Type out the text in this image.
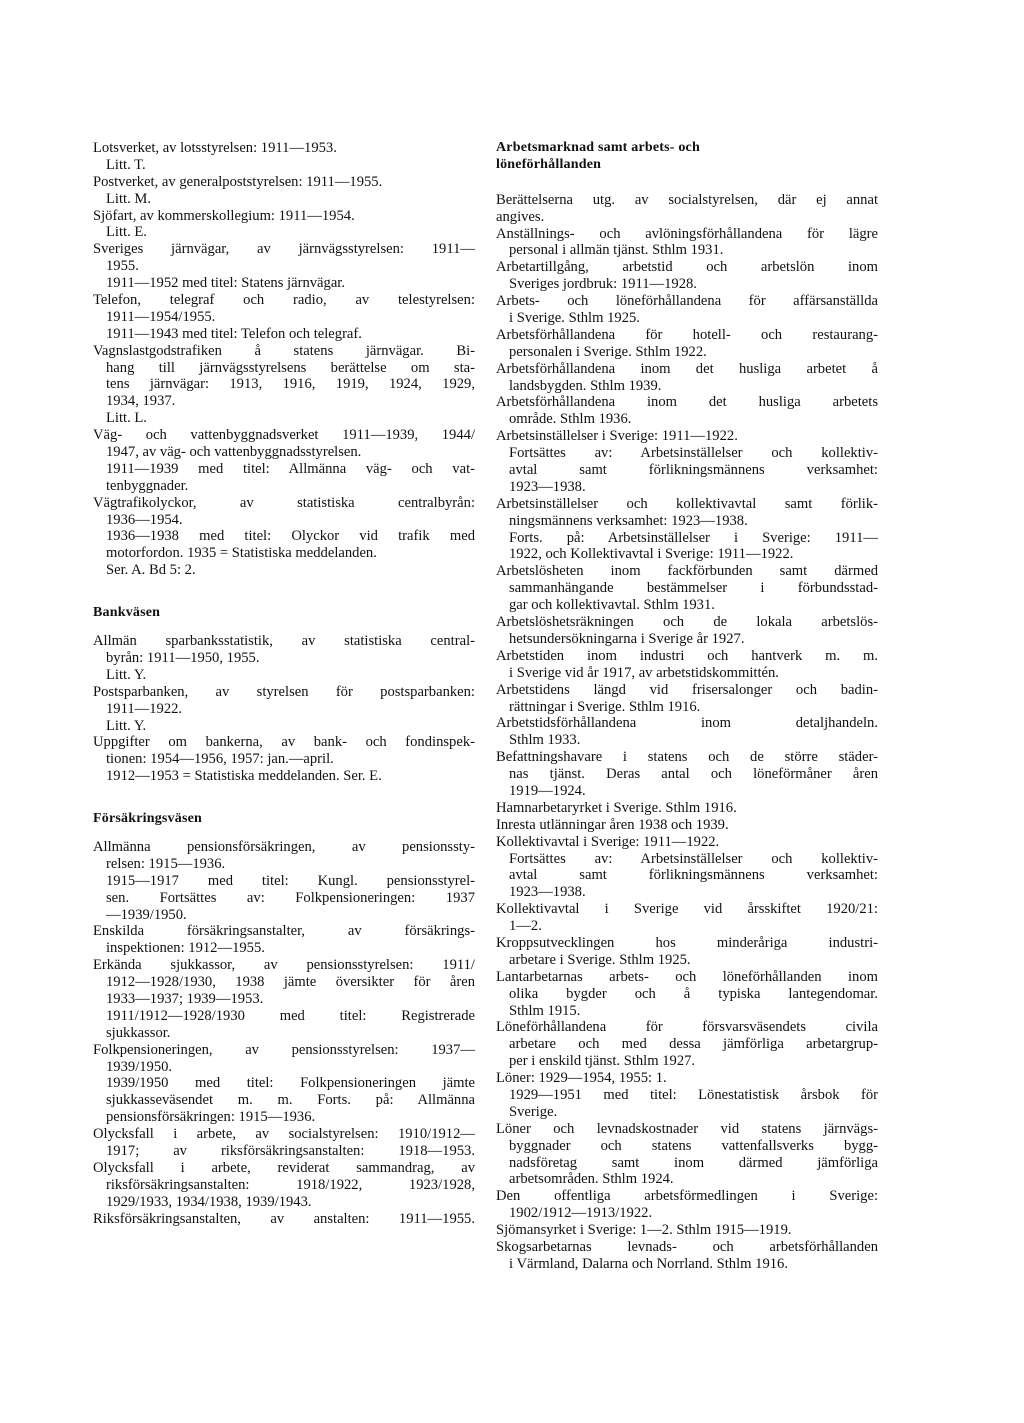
Lotsverket, av lotsstyrelsen: 1911—1953.
Litt. T.
Postverket, av generalpoststyrelsen: 1911—1955.
Litt. M.
Sjöfart, av kommerskollegium: 1911—1954.
Litt. E.
Sveriges järnvägar, av järnvägsstyrelsen: 1911—
1955.
1911—1952 med titel: Statens järnvägar.
Telefon, telegraf och radio, av telestyrelsen:
1911—1954/1955.
1911—1943 med titel: Telefon och telegraf.
Vagnslastgodstrafiken å statens järnvägar. Bi-
hang till järnvägsstyrelsens berättelse om sta-
tens järnvägar: 1913, 1916, 1919, 1924, 1929,
1934, 1937.
Litt. L.
Väg- och vattenbyggnadsverket 1911—1939, 1944/
1947, av väg- och vattenbyggnadsstyrelsen.
1911—1939 med titel: Allmänna väg- och vat-
tenbyggnader.
Vägtrafikolyckor, av statistiska centralbyrån:
1936—1954.
1936—1938 med titel: Olyckor vid trafik med
motorfordon. 1935 = Statistiska meddelanden.
Ser. A. Bd 5: 2.
Bankväsen
Allmän sparbanksstatistik, av statistiska central-
byrån: 1911—1950, 1955.
Litt. Y.
Postsparbanken, av styrelsen för postsparbanken:
1911—1922.
Litt. Y.
Uppgifter om bankerna, av bank- och fondinspek-
tionen: 1954—1956, 1957: jan.—april.
1912—1953 = Statistiska meddelanden. Ser. E.
Försäkringsväsen
Allmänna pensionsförsäkringen, av pensionssty-
relsen: 1915—1936.
1915—1917 med titel: Kungl. pensionsstyrel-
sen. Fortsättes av: Folkpensioneringen: 1937
—1939/1950.
Enskilda försäkringsanstalter, av försäkrings-
inspektionen: 1912—1955.
Erkända sjukkassor, av pensionsstyrelsen: 1911/
1912—1928/1930, 1938 jämte översikter för åren
1933—1937; 1939—1953.
1911/1912—1928/1930 med titel: Registrerade
sjukkassor.
Folkpensioneringen, av pensionsstyrelsen: 1937—
1939/1950.
1939/1950 med titel: Folkpensioneringen jämte
sjukkasseväsendet m. m. Forts. på: Allmänna
pensionsförsäkringen: 1915—1936.
Olycksfall i arbete, av socialstyrelsen: 1910/1912—
1917; av riksförsäkringsanstalten: 1918—1953.
Olycksfall i arbete, reviderat sammandrag, av
riksförsäkringsanstalten: 1918/1922, 1923/1928,
1929/1933, 1934/1938, 1939/1943.
Riksförsäkringsanstalten, av anstalten: 1911—1955.
Arbetsmarknad samt arbets- och
löneförhållanden
Berättelserna utg. av socialstyrelsen, där ej annat
angives.
Anställnings- och avlöningsförhållandena för lägre
personal i allmän tjänst. Sthlm 1931.
Arbetartillgång, arbetstid och arbetslön inom
Sveriges jordbruk: 1911—1928.
Arbets- och löneförhållandena för affärsanställda
i Sverige. Sthlm 1925.
Arbetsförhållandena för hotell- och restaurang-
personalen i Sverige. Sthlm 1922.
Arbetsförhållandena inom det husliga arbetet å
landsbygden. Sthlm 1939.
Arbetsförhållandena inom det husliga arbetets
område. Sthlm 1936.
Arbetsinställelser i Sverige: 1911—1922.
Fortsättes av: Arbetsinställelser och kollektiv-
avtal samt förlikningsmännens verksamhet:
1923—1938.
Arbetsinställelser och kollektivavtal samt förlik-
ningsmännens verksamhet: 1923—1938.
Forts. på: Arbetsinställelser i Sverige: 1911—
1922, och Kollektivavtal i Sverige: 1911—1922.
Arbetslösheten inom fackförbunden samt därmed
sammanhängande bestämmelser i förbundsstad-
gar och kollektivavtal. Sthlm 1931.
Arbetslöshetsräkningen och de lokala arbetslös-
hetsundersökningarna i Sverige år 1927.
Arbetstiden inom industri och hantverk m. m.
i Sverige vid år 1917, av arbetstidskommittén.
Arbetstidens längd vid frisersalonger och badin-
rättningar i Sverige. Sthlm 1916.
Arbetstidsförhållandena inom detaljhandeln.
Sthlm 1933.
Befattningshavare i statens och de större städer-
nas tjänst. Deras antal och löneförmåner åren
1919—1924.
Hamnarbetaryrket i Sverige. Sthlm 1916.
Inresta utlänningar åren 1938 och 1939.
Kollektivavtal i Sverige: 1911—1922.
Fortsättes av: Arbetsinställelser och kollektiv-
avtal samt förlikningsmännens verksamhet:
1923—1938.
Kollektivavtal i Sverige vid årsskiftet 1920/21:
1—2.
Kroppsutvecklingen hos minderåriga industri-
arbetare i Sverige. Sthlm 1925.
Lantarbetarnas arbets- och löneförhållanden inom
olika bygder och å typiska lantegendomar.
Sthlm 1915.
Löneförhållandena för försvarsväsendets civila
arbetare och med dessa jämförliga arbetargrup-
per i enskild tjänst. Sthlm 1927.
Löner: 1929—1954, 1955: 1.
1929—1951 med titel: Lönestatistisk årsbok för
Sverige.
Löner och levnadskostnader vid statens järnvägs-
byggnader och statens vattenfallsverks bygg-
nadsföretag samt inom därmed jämförliga
arbetsområden. Sthlm 1924.
Den offentliga arbetsförmedlingen i Sverige:
1902/1912—1913/1922.
Sjömansyrket i Sverige: 1—2. Sthlm 1915—1919.
Skogsarbetarnas levnads- och arbetsförhållanden
i Värmland, Dalarna och Norrland. Sthlm 1916.
